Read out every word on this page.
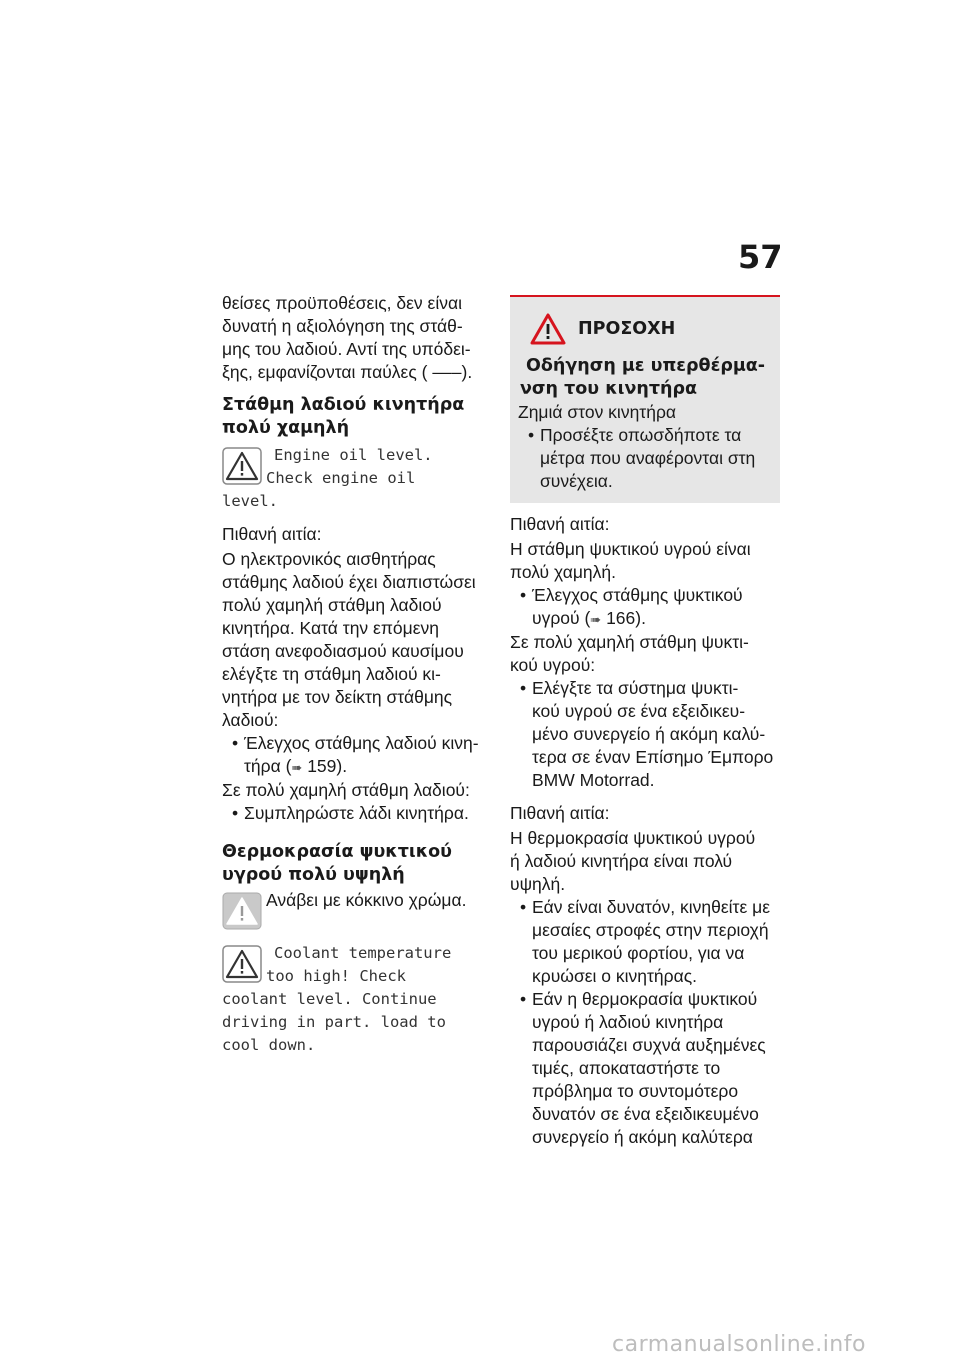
57

θείσες προϋποθέσεις, δεν είναι

δυνατή η αξιολόγηση της στάθ-

μης του λαδιού. Αντί της υπόδει-

ξης, εμφανίζονται παύλες ( ‒‒‒).

Στάθμη λαδιού κινητήρα
πολύ χαμηλή
Engine oil level.
Check engine oil
level.

Πιθανή αιτία:

Ο ηλεκτρονικός αισθητήρας

στάθμης λαδιού έχει διαπιστώσει

πολύ χαμηλή στάθμη λαδιού

κινητήρα. Κατά την επόμενη

στάση ανεφοδιασμού καυσίμου

ελέγξτε τη στάθμη λαδιού κι-

νητήρα με τον δείκτη στάθμης

λαδιού:

• Έλεγχος στάθμης λαδιού κινη-

τήρα (➠ 159).

Σε πολύ χαμηλή στάθμη λαδιού:

• Συμπληρώστε λάδι κινητήρα.

Θερμοκρασία ψυκτικού
υγρού πολύ υψηλή

Ανάβει με κόκκινο χρώμα.

Coolant temperature
too high! Check
coolant level. Continue
driving in part. load to
cool down.
ΠΡΟΣΟΧΗ
Οδήγηση με υπερθέρμα-
νση του κινητήρα

Ζημιά στον κινητήρα

• Προσέξτε οπωσδήποτε τα

μέτρα που αναφέρονται στη

συνέχεια.

Πιθανή αιτία:

Η στάθμη ψυκτικού υγρού είναι

πολύ χαμηλή.

• Έλεγχος στάθμης ψυκτικού

υγρού (➠ 166).

Σε πολύ χαμηλή στάθμη ψυκτι-

κού υγρού:

• Ελέγξτε τα σύστημα ψυκτι-

κού υγρού σε ένα εξειδικευ-

μένο συνεργείο ή ακόμη καλύ-

τερα σε έναν Επίσημο Έμπορο

BMW Motorrad.

Πιθανή αιτία:

Η θερμοκρασία ψυκτικού υγρού

ή λαδιού κινητήρα είναι πολύ

υψηλή.

• Εάν είναι δυνατόν, κινηθείτε με

μεσαίες στροφές στην περιοχή

του μερικού φορτίου, για να

κρυώσει ο κινητήρας.

• Εάν η θερμοκρασία ψυκτικού

υγρού ή λαδιού κινητήρα

παρουσιάζει συχνά αυξημένες

τιμές, αποκαταστήστε το

πρόβλημα το συντομότερο

δυνατόν σε ένα εξειδικευμένο

συνεργείο ή ακόμη καλύτερα

carmanualsonline.info
